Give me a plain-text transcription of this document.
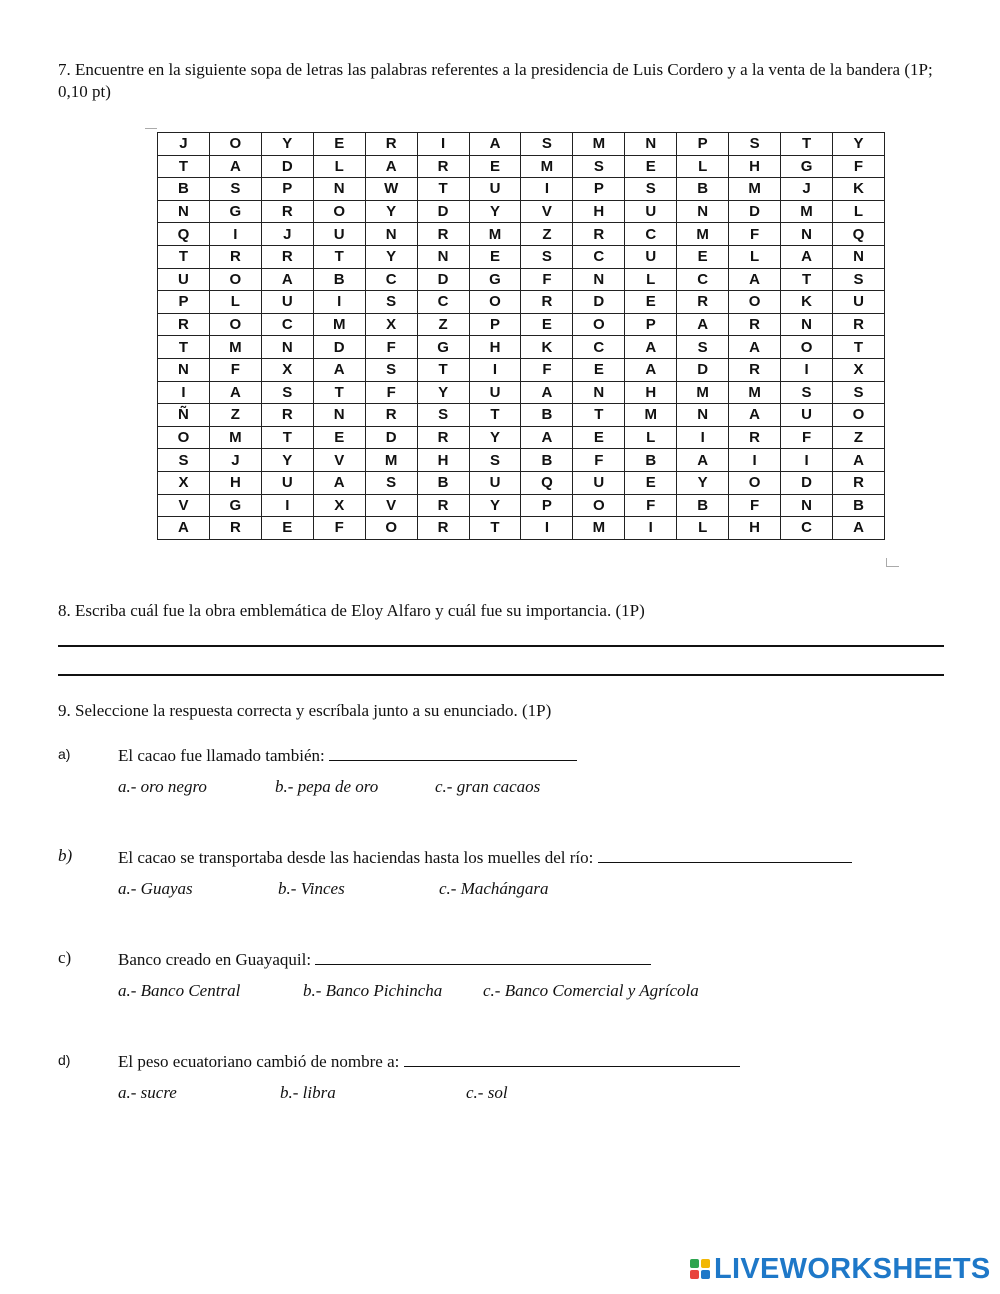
7. Encuentre en la siguiente sopa de letras las palabras referentes a la presidencia de Luis Cordero y a la venta de la bandera (1P; 0,10 pt)
J	O	Y	E	R	I	A	S	M	N	P	S	T	Y
T	A	D	L	A	R	E	M	S	E	L	H	G	F
B	S	P	N	W	T	U	I	P	S	B	M	J	K
N	G	R	O	Y	D	Y	V	H	U	N	D	M	L
Q	I	J	U	N	R	M	Z	R	C	M	F	N	Q
T	R	R	T	Y	N	E	S	C	U	E	L	A	N
U	O	A	B	C	D	G	F	N	L	C	A	T	S
P	L	U	I	S	C	O	R	D	E	R	O	K	U
R	O	C	M	X	Z	P	E	O	P	A	R	N	R
T	M	N	D	F	G	H	K	C	A	S	A	O	T
N	F	X	A	S	T	I	F	E	A	D	R	I	X
I	A	S	T	F	Y	U	A	N	H	M	M	S	S
Ñ	Z	R	N	R	S	T	B	T	M	N	A	U	O
O	M	T	E	D	R	Y	A	E	L	I	R	F	Z
S	J	Y	V	M	H	S	B	F	B	A	I	I	A
X	H	U	A	S	B	U	Q	U	E	Y	O	D	R
V	G	I	X	V	R	Y	P	O	F	B	F	N	B
A	R	E	F	O	R	T	I	M	I	L	H	C	A
8. Escriba cuál fue la obra emblemática de Eloy Alfaro y cuál fue su importancia. (1P)
9. Seleccione la respuesta correcta y escríbala junto a su enunciado. (1P)
a)	El cacao fue llamado también:
a.- oro negro	b.- pepa de oro	c.- gran cacaos
b)	El cacao se transportaba desde las haciendas hasta los muelles del río:
a.- Guayas	b.- Vinces	c.- Machángara
c)	Banco creado en Guayaquil:
a.- Banco Central	b.- Banco Pichincha c.- Banco Comercial y Agrícola
d)	El peso ecuatoriano cambió de nombre a:
a.- sucre	b.- libra	c.- sol
LIVEWORKSHEETS
